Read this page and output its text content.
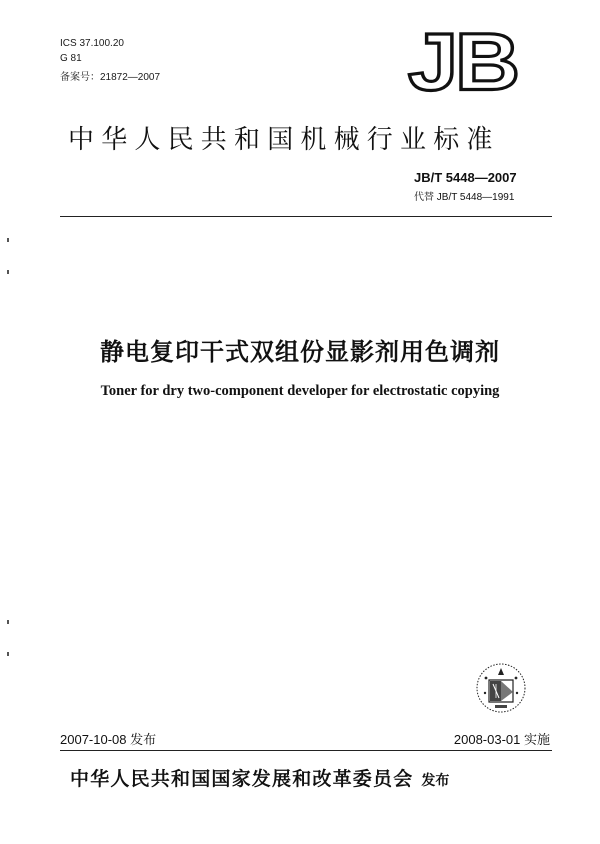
ICS 37.100.20
G 81
备案号：21872—2007	JB
中华人民共和国机械行业标准
JB/T 5448—2007
代替 JB/T 5448—1991
静电复印干式双组份显影剂用色调剂
Toner for dry two-component developer for electrostatic copying
2007-10-08 发布	2008-03-01 实施
中华人民共和国国家发展和改革委员会 发布
